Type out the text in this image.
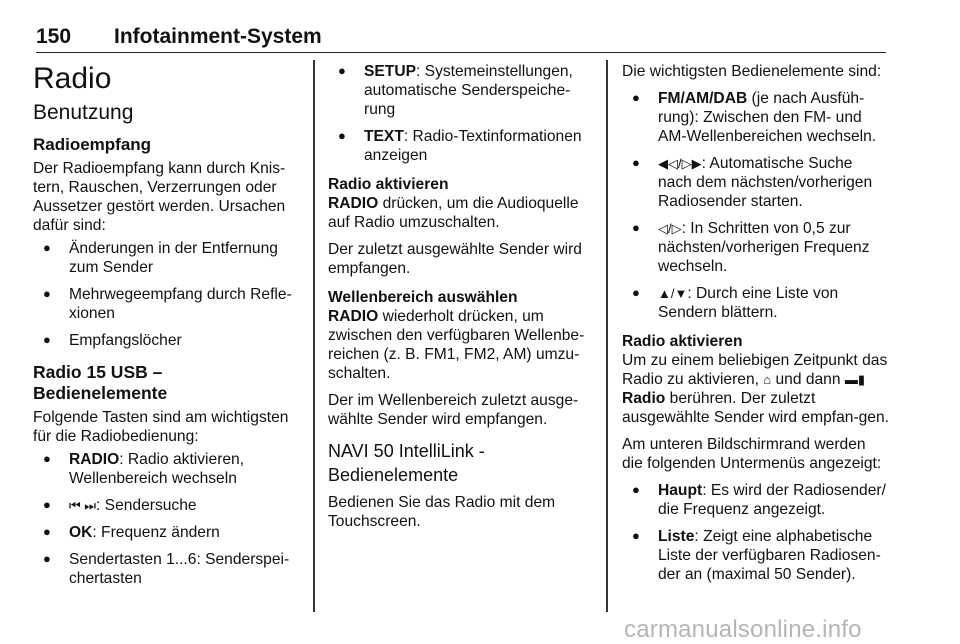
150 Infotainment-System
Radio
Benutzung
Radioempfang

Der Radioempfang kann durch Knis-tern, Rauschen, Verzerrungen oder Aussetzer gestört werden. Ursachen dafür sind:

● Änderungen in der Entfernung zum Sender
● Mehrwegeempfang durch Refle-xionen
● Empfangslöcher
Radio 15 USB – Bedienelemente

Folgende Tasten sind am wichtigsten für die Radiobedienung:

● RADIO: Radio aktivieren, Wellenbereich wechseln
● ⏮ ⏭: Sendersuche
● OK: Frequenz ändern
● Sendertasten 1...6: Senderspei-chertasten
● SETUP: Systemeinstellungen, automatische Senderspeiche-rung
● TEXT: Radio-Textinformationen anzeigen
Radio aktivieren

RADIO drücken, um die Audioquelle auf Radio umzuschalten.

Der zuletzt ausgewählte Sender wird empfangen.

Wellenbereich auswählen

RADIO wiederholt drücken, um zwischen den verfügbaren Wellenbe-reichen (z. B. FM1, FM2, AM) umzu-schalten.

Der im Wellenbereich zuletzt ausge-wählte Sender wird empfangen.

NAVI 50 IntelliLink - Bedienelemente

Bedienen Sie das Radio mit dem Touchscreen.

Die wichtigsten Bedienelemente sind:

● FM/AM/DAB (je nach Ausfüh-rung): Zwischen den FM- und AM-Wellenbereichen wechseln.
● ◀◁/▷▶: Automatische Suche nach dem nächsten/vorherigen Radiosender starten.
● ◁/▷: In Schritten von 0,5 zur nächsten/vorherigen Frequenz wechseln.
● ▲/▼: Durch eine Liste von Sendern blättern.
Radio aktivieren

Um zu einem beliebigen Zeitpunkt das Radio zu aktivieren, ⌂ und dann ▬▮Radio berühren. Der zuletzt ausgewählte Sender wird empfan-gen.

Am unteren Bildschirmrand werden die folgenden Untermenüs angezeigt:

● Haupt: Es wird der Radiosender/ die Frequenz angezeigt.
● Liste: Zeigt eine alphabetische Liste der verfügbaren Radiosen-der an (maximal 50 Sender).
carmanualsonline.info
